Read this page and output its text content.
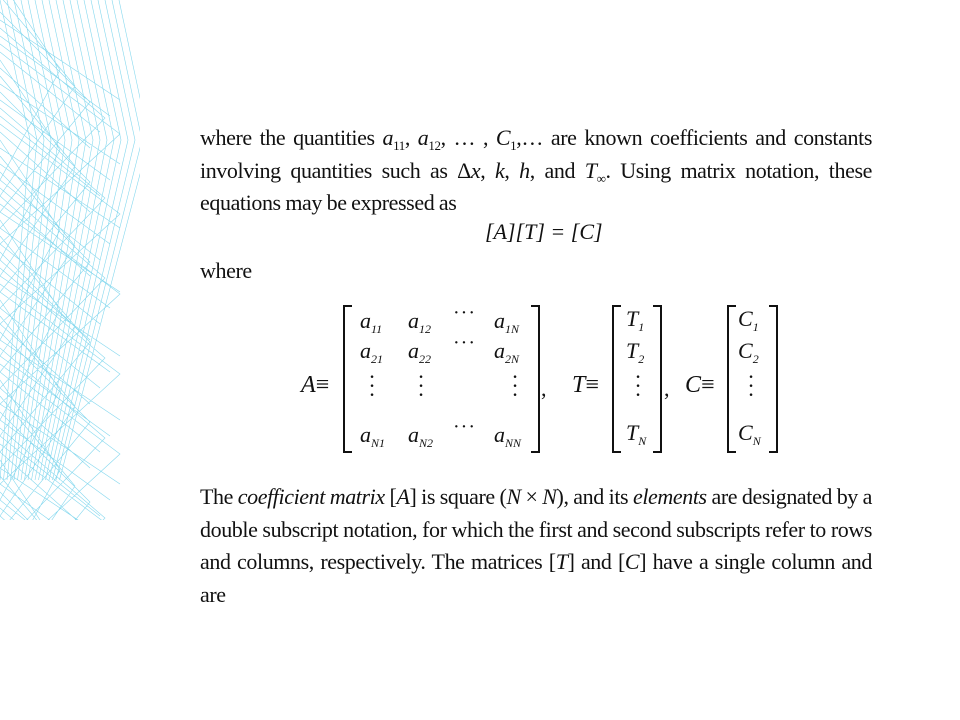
where the quantities $a_{11}$, $a_{12}$, … , $C_1,\dots$ are known coefficients and constants involving quantities such as Δx, k, h, and $T_\infty$. Using matrix notation, these equations may be expressed as
[A][T] = [C]
where
A≡
$a_{11}$ $a_{12}$
··· $a_{1N}$
$a_{21}$ $a_{22}$
··· $a_{2N}$
·
·
·
·
·
·
·
·
·
$a_{N1}$ $a_{N2}$
··· $a_{NN}$
, T≡
$T_1$
$T_2$
·
·
·
$T_N$
, C≡
$C_1$
$C_2$
·
·
·
$C_N$
The coefficient matrix [A] is square (N × N), and its elements are designated by a double subscript notation, for which the first and second subscripts refer to rows and columns, respectively. The matrices [T] and [C] have a single column and are
